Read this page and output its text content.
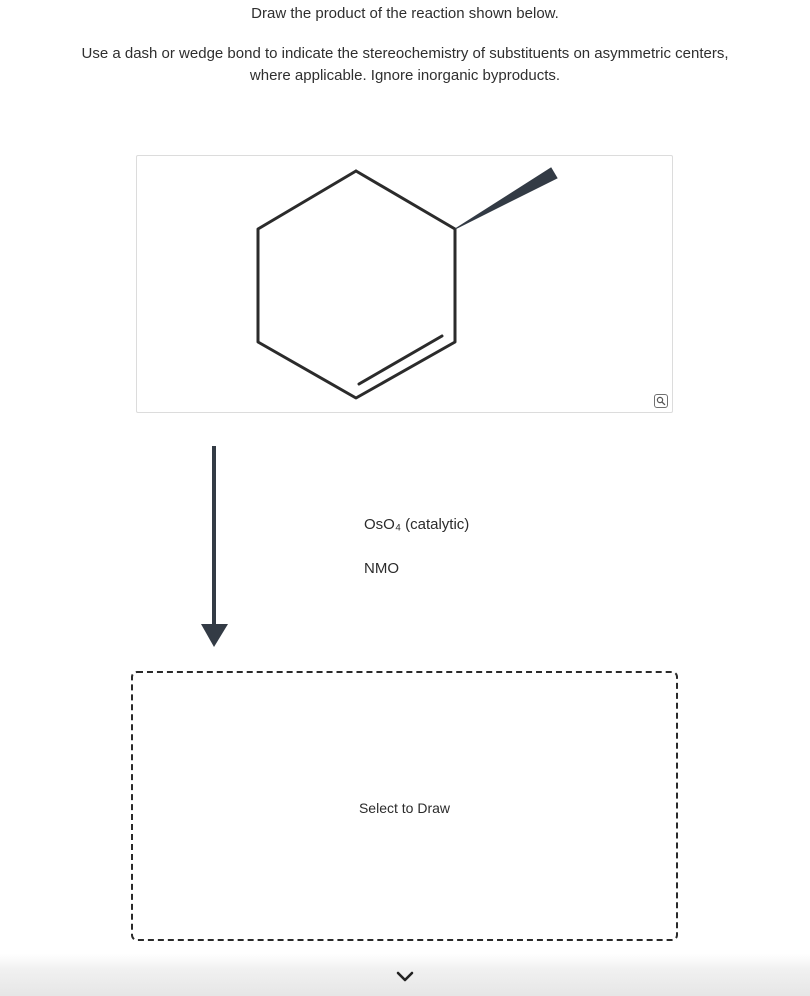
Draw the product of the reaction shown below.

Use a dash or wedge bond to indicate the stereochemistry of substituents on asymmetric centers,

where applicable. Ignore inorganic byproducts.

OsO₄ (catalytic)
NMO
Select to Draw
